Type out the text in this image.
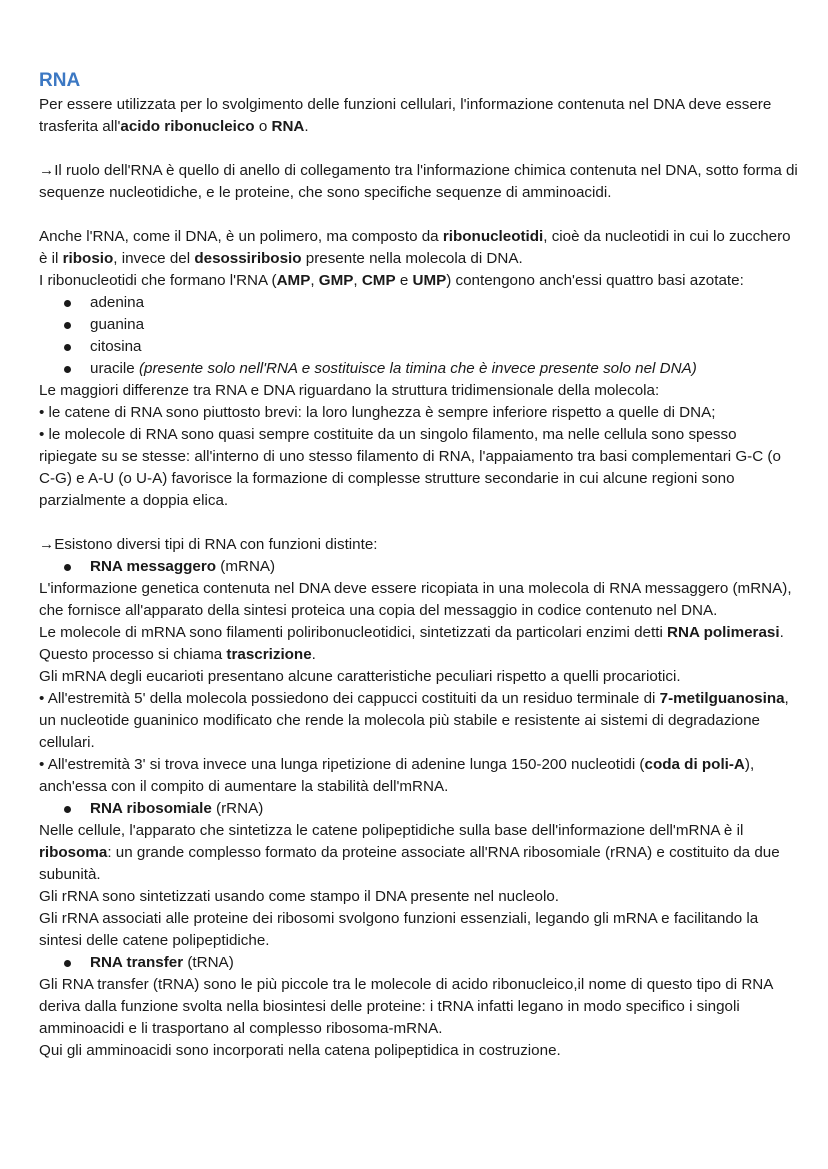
RNA

Per essere utilizzata per lo svolgimento delle funzioni cellulari, l'informazione contenuta nel DNA deve essere trasferita all'acido ribonucleico o RNA.

→Il ruolo dell'RNA è quello di anello di collegamento tra l'informazione chimica contenuta nel DNA, sotto forma di sequenze nucleotidiche, e le proteine, che sono specifiche sequenze di amminoacidi.

Anche l'RNA, come il DNA, è un polimero, ma composto da ribonucleotidi, cioè da nucleotidi in cui lo zucchero è il ribosio, invece del desossiribosio presente nella molecola di DNA.

I ribonucleotidi che formano l'RNA (AMP, GMP, CMP e UMP) contengono anch'essi quattro basi azotate:

adenina
guanina
citosina
uracile (presente solo nell'RNA e sostituisce la timina che è invece presente solo nel DNA)

Le maggiori differenze tra RNA e DNA riguardano la struttura tridimensionale della molecola:

• le catene di RNA sono piuttosto brevi: la loro lunghezza è sempre inferiore rispetto a quelle di DNA;

• le molecole di RNA sono quasi sempre costituite da un singolo filamento, ma nelle cellula sono spesso ripiegate su se stesse: all'interno di uno stesso filamento di RNA, l'appaiamento tra basi complementari G-C (o C-G) e A-U (o U-A) favorisce la formazione di complesse strutture secondarie in cui alcune regioni sono parzialmente a doppia elica.

→Esistono diversi tipi di RNA con funzioni distinte:

RNA messaggero (mRNA)

L'informazione genetica contenuta nel DNA deve essere ricopiata in una molecola di RNA messaggero (mRNA), che fornisce all'apparato della sintesi proteica una copia del messaggio in codice contenuto nel DNA.

Le molecole di mRNA sono filamenti poliribonucleotidici, sintetizzati da particolari enzimi detti RNA polimerasi.

Questo processo si chiama trascrizione.

Gli mRNA degli eucarioti presentano alcune caratteristiche peculiari rispetto a quelli procariotici.

• All'estremità 5' della molecola possiedono dei cappucci costituiti da un residuo terminale di 7-metilguanosina, un nucleotide guaninico modificato che rende la molecola più stabile e resistente ai sistemi di degradazione cellulari.

• All'estremità 3' si trova invece una lunga ripetizione di adenine lunga 150-200 nucleotidi (coda di poli-A), anch'essa con il compito di aumentare la stabilità dell'mRNA.

RNA ribosomiale (rRNA)

Nelle cellule, l'apparato che sintetizza le catene polipeptidiche sulla base dell'informazione dell'mRNA è il ribosoma: un grande complesso formato da proteine associate all'RNA ribosomiale (rRNA) e costituito da due subunità.

Gli rRNA sono sintetizzati usando come stampo il DNA presente nel nucleolo.

Gli rRNA associati alle proteine dei ribosomi svolgono funzioni essenziali, legando gli mRNA e facilitando la sintesi delle catene polipeptidiche.

RNA transfer (tRNA)

Gli RNA transfer (tRNA) sono le più piccole tra le molecole di acido ribonucleico,il nome di questo tipo di RNA deriva dalla funzione svolta nella biosintesi delle proteine: i tRNA infatti legano in modo specifico i singoli amminoacidi e li trasportano al complesso ribosoma-mRNA.

Qui gli amminoacidi sono incorporati nella catena polipeptidica in costruzione.
